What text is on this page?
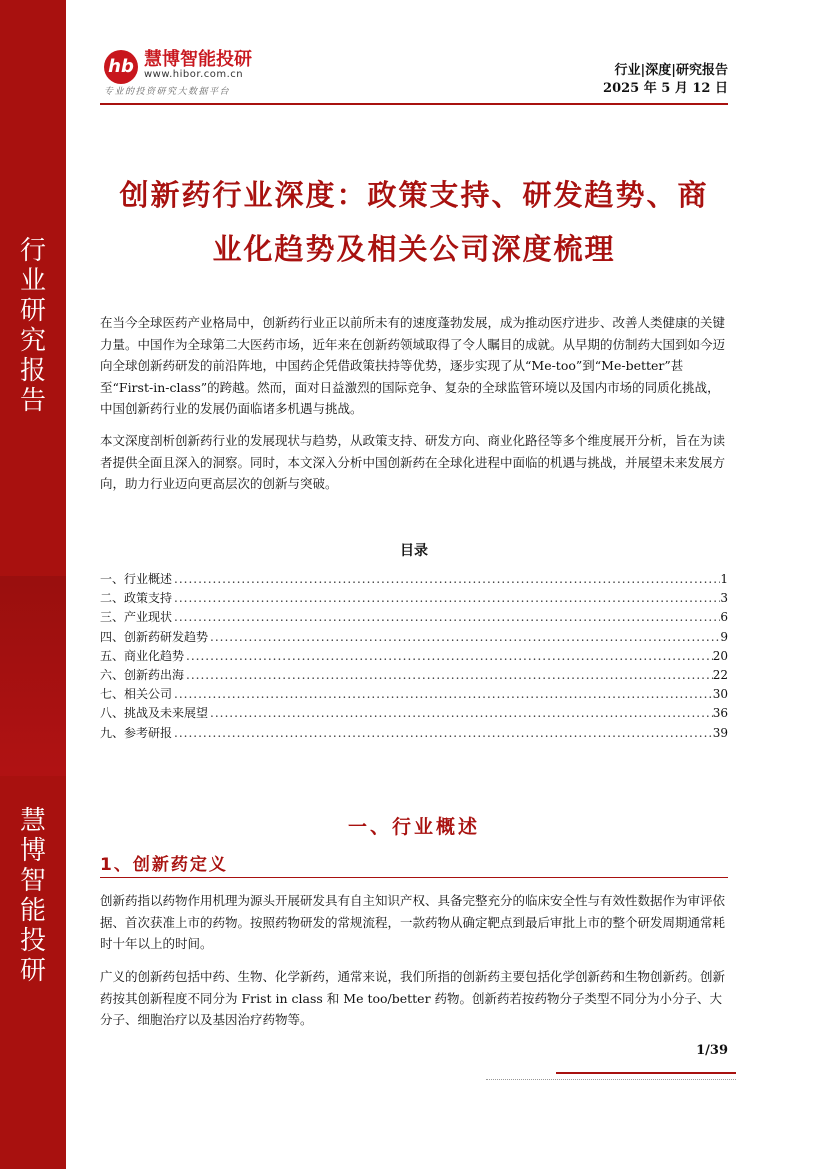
行
业
研
究
报
告
慧
博
智
能
投
研
hb 慧博智能投研
www.hibor.com.cn
专业的投资研究大数据平台
行业|深度|研究报告
2025 年 5 月 12 日
创新药行业深度：政策支持、研发趋势、商
业化趋势及相关公司深度梳理

在当今全球医药产业格局中，创新药行业正以前所未有的速度蓬勃发展，成为推动医疗进步、改善人类健康的关键力量。中国作为全球第二大医药市场，近年来在创新药领域取得了令人瞩目的成就。从早期的仿制药大国到如今迈向全球创新药研发的前沿阵地，中国药企凭借政策扶持等优势，逐步实现了从“Me-too”到“Me-better”甚至“First-in-class”的跨越。然而，面对日益激烈的国际竞争、复杂的全球监管环境以及国内市场的同质化挑战，中国创新药行业的发展仍面临诸多机遇与挑战。

本文深度剖析创新药行业的发展现状与趋势，从政策支持、研发方向、商业化路径等多个维度展开分析，旨在为读者提供全面且深入的洞察。同时，本文深入分析中国创新药在全球化进程中面临的机遇与挑战，并展望未来发展方向，助力行业迈向更高层次的创新与突破。

目录
一、行业概述 .....	1
二、政策支持 .....	3
三、产业现状 .....	6
四、创新药研发趋势 .....	9
五、商业化趋势 .....	20
六、创新药出海 .....	22
七、相关公司 .....	30
八、挑战及未来展望 .....	36
九、参考研报 .....	39
一、行业概述
1、创新药定义

创新药指以药物作用机理为源头开展研发具有自主知识产权、具备完整充分的临床安全性与有效性数据作为审评依据、首次获准上市的药物。按照药物研发的常规流程，一款药物从确定靶点到最后审批上市的整个研发周期通常耗时十年以上的时间。

广义的创新药包括中药、生物、化学新药，通常来说，我们所指的创新药主要包括化学创新药和生物创新药。创新药按其创新程度不同分为 Frist in class 和 Me too/better 药物。创新药若按药物分子类型不同分为小分子、大分子、细胞治疗以及基因治疗药物等。

1/39
